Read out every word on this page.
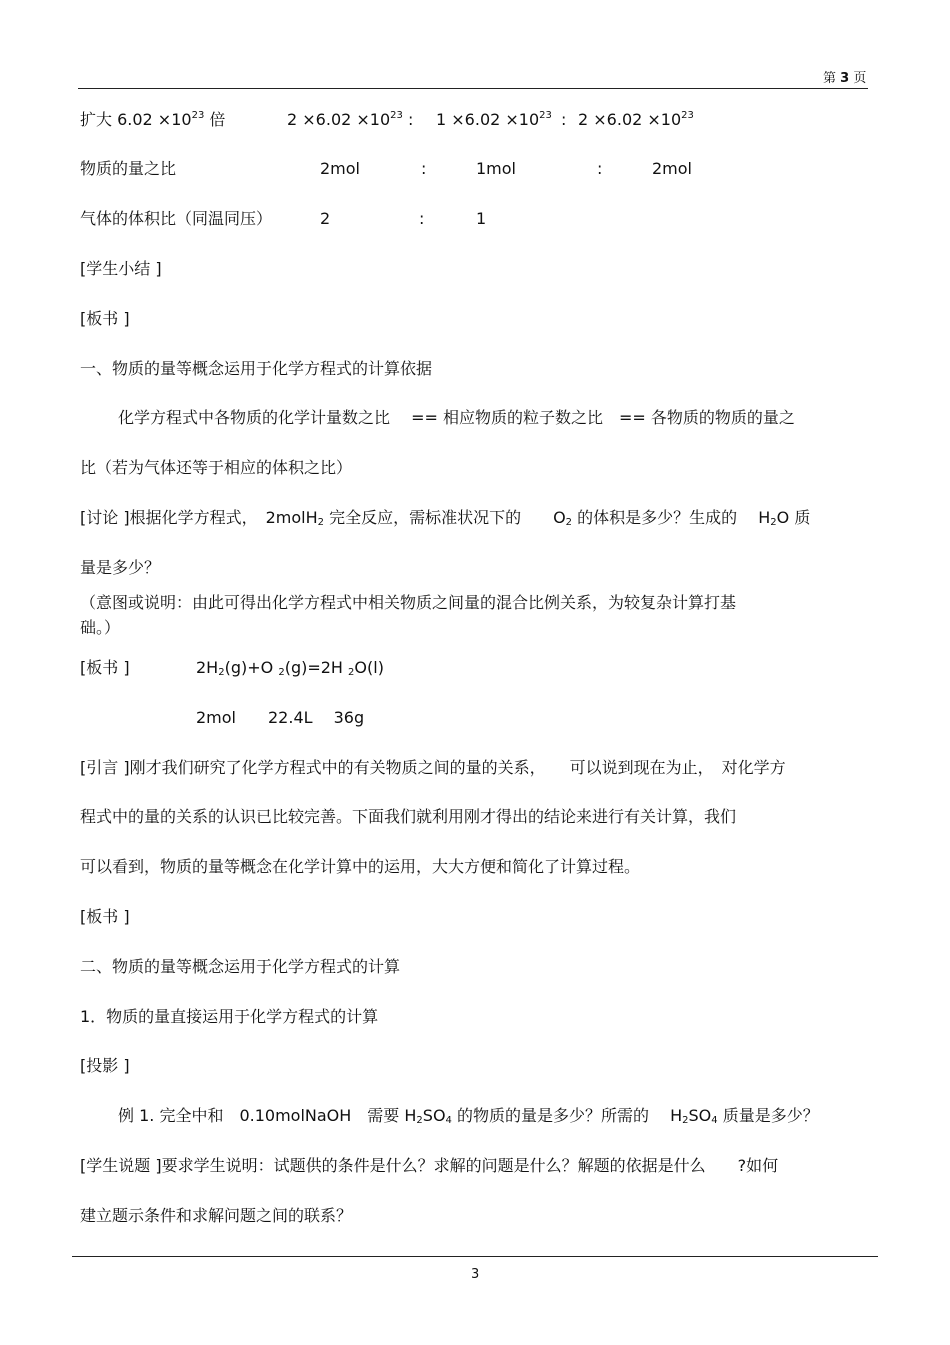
第 3 页
扩大 $6.02 \times 10^{23}$ 倍	$2 \times 6.02 \times 10^{23}$ : $1 \times 6.02 \times 10^{23}$ : $2 \times 6.02 \times 10^{23}$
物质的量之比	2mol	:	1mol	:	2mol
气体的体积比（同温同压）	2	:	1
[学生小结 ]
[板书 ]
一、物质的量等概念运用于化学方程式的计算依据
化学方程式中各物质的化学计量数之比　 == 相应物质的粒子数之比　== 各物质的物质的量之
比（若为气体还等于相应的体积之比）
[讨论 ]根据化学方程式，　2molH$_2$ 完全反应，需标准状况下的　　$O_2$ 的体积是多少？生成的　 $H_2O$ 质
量是多少？
（意图或说明：由此可得出化学方程式中相关物质之间量的混合比例关系，为较复杂计算打基
础。）
[板书 ]	$2H_2(g)+O$ $_2$(g)=2H $_2$O(l)
2mol　　22.4L　 36g
[引言 ]刚才我们研究了化学方程式中的有关物质之间的量的关系，　　可以说到现在为止，　对化学方
程式中的量的关系的认识已比较完善。下面我们就利用刚才得出的结论来进行有关计算，我们
可以看到，物质的量等概念在化学计算中的运用，大大方便和简化了计算过程。
[板书 ]
二、物质的量等概念运用于化学方程式的计算
1．物质的量直接运用于化学方程式的计算
[投影 ]
例 1. 完全中和　0.10molNaOH　需要 $H_2SO_4$ 的物质的量是多少？所需的　 $H_2SO_4$ 质量是多少？
[学生说题 ]要求学生说明：试题供的条件是什么？求解的问题是什么？解题的依据是什么　　?如何
建立题示条件和求解问题之间的联系？
3
